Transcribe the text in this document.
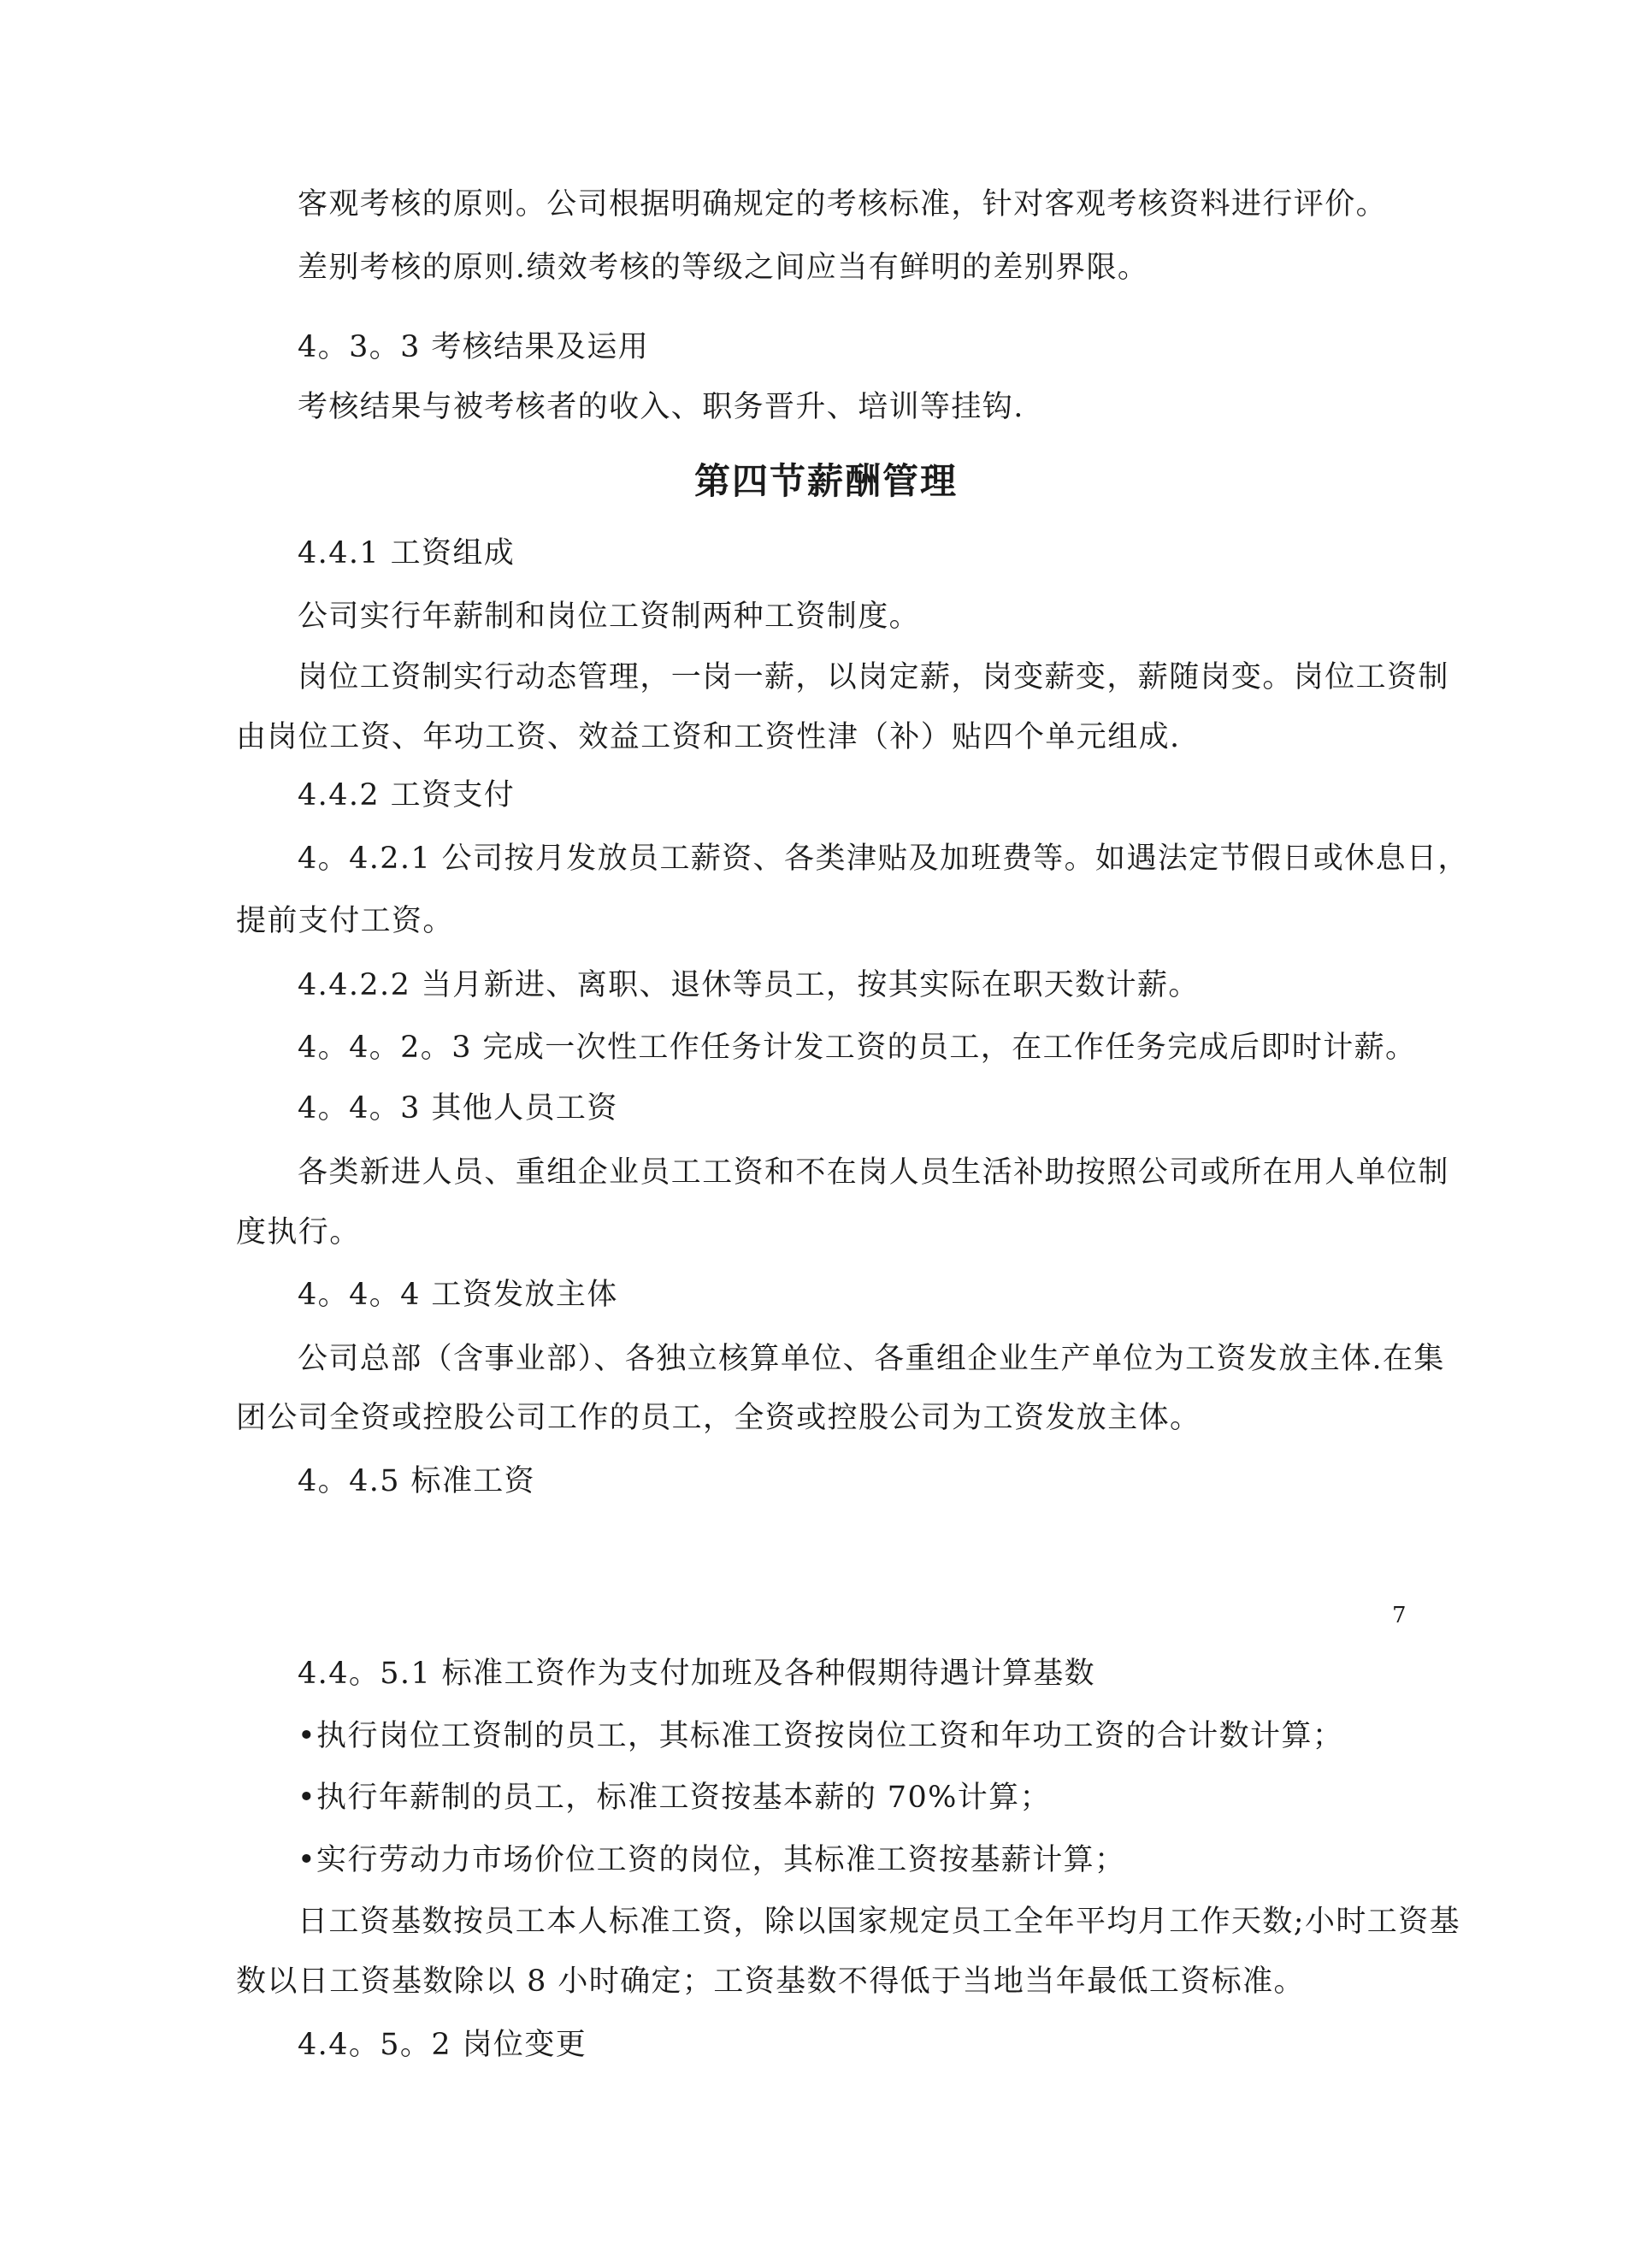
客观考核的原则。公司根据明确规定的考核标准，针对客观考核资料进行评价。

差别考核的原则.绩效考核的等级之间应当有鲜明的差别界限。

4。3。3 考核结果及运用

考核结果与被考核者的收入、职务晋升、培训等挂钩.

第四节薪酬管理

4.4.1 工资组成

公司实行年薪制和岗位工资制两种工资制度。

岗位工资制实行动态管理，一岗一薪，以岗定薪，岗变薪变，薪随岗变。岗位工资制

由岗位工资、年功工资、效益工资和工资性津（补）贴四个单元组成.

4.4.2 工资支付

4。4.2.1 公司按月发放员工薪资、各类津贴及加班费等。如遇法定节假日或休息日，

提前支付工资。

4.4.2.2 当月新进、离职、退休等员工，按其实际在职天数计薪。

4。4。2。3 完成一次性工作任务计发工资的员工，在工作任务完成后即时计薪。

4。4。3 其他人员工资

各类新进人员、重组企业员工工资和不在岗人员生活补助按照公司或所在用人单位制

度执行。

4。4。4 工资发放主体

公司总部（含事业部）、各独立核算单位、各重组企业生产单位为工资发放主体.在集

团公司全资或控股公司工作的员工，全资或控股公司为工资发放主体。

4。4.5 标准工资

7

4.4。5.1 标准工资作为支付加班及各种假期待遇计算基数

•执行岗位工资制的员工，其标准工资按岗位工资和年功工资的合计数计算；

•执行年薪制的员工，标准工资按基本薪的 70%计算；

•实行劳动力市场价位工资的岗位，其标准工资按基薪计算；

日工资基数按员工本人标准工资，除以国家规定员工全年平均月工作天数;小时工资基

数以日工资基数除以 8 小时确定；工资基数不得低于当地当年最低工资标准。

4.4。5。2 岗位变更
